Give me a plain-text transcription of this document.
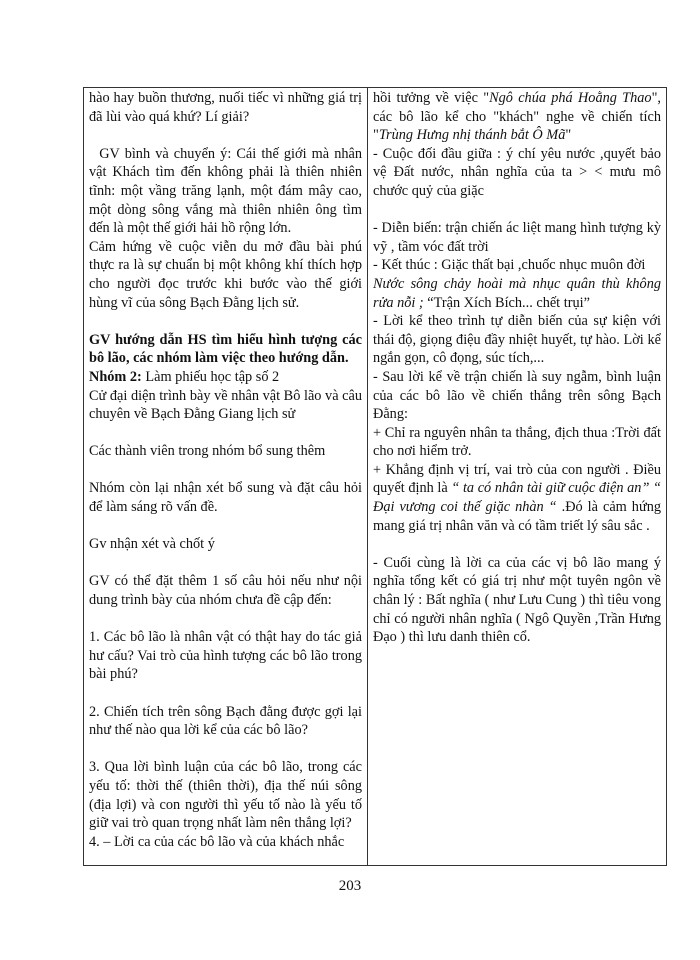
hào hay buồn thương, nuối tiếc vì những giá trị đã lùi vào quá khứ? Lí giải?

GV bình và chuyển ý: Cái thế giới mà nhân vật Khách tìm đến không phải là thiên nhiên tĩnh: một vầng trăng lạnh, một đám mây cao, một dòng sông vắng mà thiên nhiên ông tìm đến là một thế giới hải hồ rộng lớn.

Cảm hứng về cuộc viễn du mở đầu bài phú thực ra là sự chuẩn bị một không khí thích hợp cho người đọc trước khi bước vào thế giới hùng vĩ của sông Bạch Đằng lịch sử.

GV hướng dẫn HS tìm hiểu hình tượng các bô lão, các nhóm làm việc theo hướng dẫn.

Nhóm 2: Làm phiếu học tập số 2

Cử đại diện trình bày về nhân vật Bô lão và câu chuyên về Bạch Đằng Giang lịch sử

Các thành viên trong nhóm bổ sung thêm

Nhóm còn lại nhận xét bổ sung và đặt câu hỏi để làm sáng rõ vấn đề.

Gv nhận xét và chốt ý

GV có thể đặt thêm 1 số câu hỏi nếu như nội dung trình bày của nhóm chưa đề cập đến:

1. Các bô lão là nhân vật có thật hay do tác giả hư cấu? Vai trò của hình tượng các bô lão trong bài phú?

2. Chiến tích trên sông Bạch đằng được gợi lại như thế nào qua lời kể của các bô lão?

3. Qua lời bình luận của các bô lão, trong các yếu tố: thời thế (thiên thời), địa thế núi sông (địa lợi) và con người thì yếu tố nào là yếu tố giữ vai trò quan trọng nhất làm nên thắng lợi?

4. – Lời ca của các bô lão và của khách nhắc

hồi tưởng về việc "Ngô chúa phá Hoằng Thao", các bô lão kể cho "khách" nghe về chiến tích "Trùng Hưng nhị thánh bắt Ô Mã"

- Cuộc đối đầu giữa : ý chí yêu nước ,quyết bảo vệ Đất nước, nhân nghĩa của ta > < mưu mô chước quỷ của giặc

- Diễn biến: trận chiến ác liệt mang hình tượng kỳ vỹ , tầm vóc đất trời

- Kết thúc : Giặc thất bại ,chuốc nhục muôn đời

Nước sông chảy hoài mà nhục quân thù không rửa nỗi ; “Trận Xích Bích... chết trụi”

- Lời kể theo trình tự diễn biến của sự kiện với thái độ, giọng điệu đầy nhiệt huyết, tự hào. Lời kể ngắn gọn, cô đọng, súc tích,...

- Sau lời kể về trận chiến là suy ngẫm, bình luận của các bô lão về chiến thắng trên sông Bạch Đằng:

+ Chỉ ra nguyên nhân ta thắng, địch thua :Trời đất cho nơi hiểm trở.

+ Khẳng định vị trí, vai trò của con người . Điều quyết định là “ ta có nhân tài giữ cuộc điện an” “ Đại vương coi thế giặc nhàn “ .Đó là cảm hứng mang giá trị nhân văn và có tầm triết lý sâu sắc .

- Cuối cùng là lời ca của các vị bô lão mang ý nghĩa tổng kết có giá trị như một tuyên ngôn về chân lý : Bất nghĩa ( như Lưu Cung ) thì tiêu vong chỉ có người nhân nghĩa ( Ngô Quyền ,Trần Hưng Đạo ) thì lưu danh thiên cổ.

203
